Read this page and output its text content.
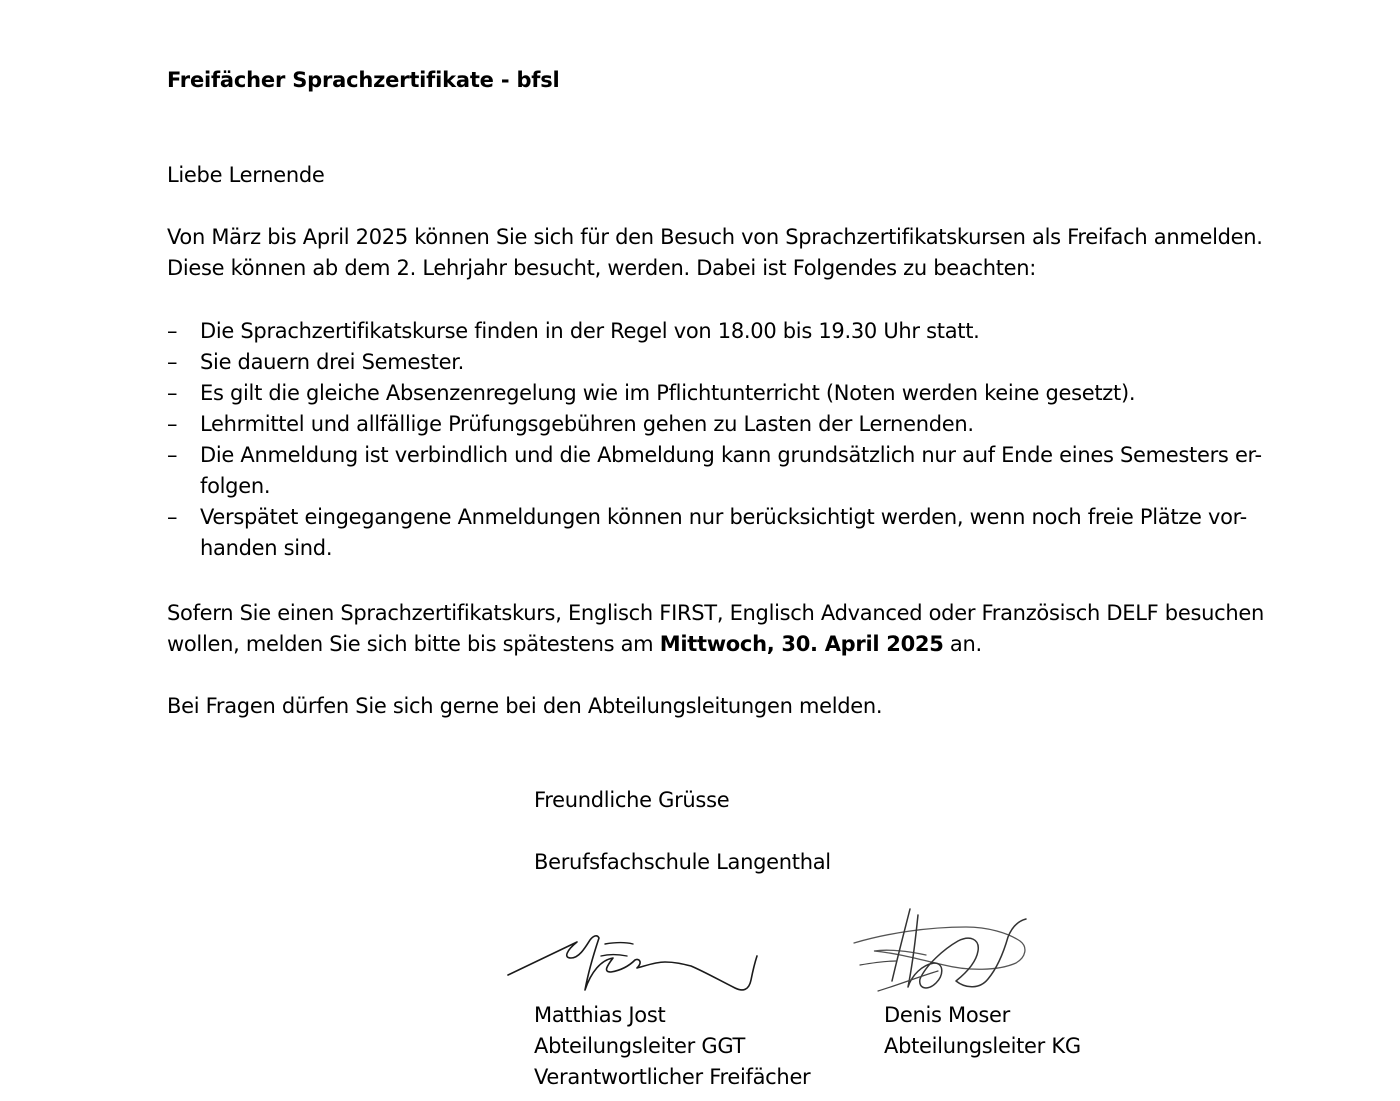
Freifächer Sprachzertifikate - bfsl
Liebe Lernende

Von März bis April 2025 können Sie sich für den Besuch von Sprachzertifikatskursen als Freifach anmelden.

Diese können ab dem 2. Lehrjahr besucht, werden. Dabei ist Folgendes zu beachten:

– Die Sprachzertifikatskurse finden in der Regel von 18.00 bis 19.30 Uhr statt.
– Sie dauern drei Semester.
– Es gilt die gleiche Absenzenregelung wie im Pflichtunterricht (Noten werden keine gesetzt).
– Lehrmittel und allfällige Prüfungsgebühren gehen zu Lasten der Lernenden.
– Die Anmeldung ist verbindlich und die Abmeldung kann grundsätzlich nur auf Ende eines Semesters er-
folgen.
– Verspätet eingegangene Anmeldungen können nur berücksichtigt werden, wenn noch freie Plätze vor-
handen sind.

Sofern Sie einen Sprachzertifikatskurs, Englisch FIRST, Englisch Advanced oder Französisch DELF besuchen

wollen, melden Sie sich bitte bis spätestens am Mittwoch, 30. April 2025 an.

Bei Fragen dürfen Sie sich gerne bei den Abteilungsleitungen melden.
Freundliche Grüsse
Berufsfachschule Langenthal
Matthias Jost
Abteilungsleiter GGT
Verantwortlicher Freifächer
Denis Moser
Abteilungsleiter KG
